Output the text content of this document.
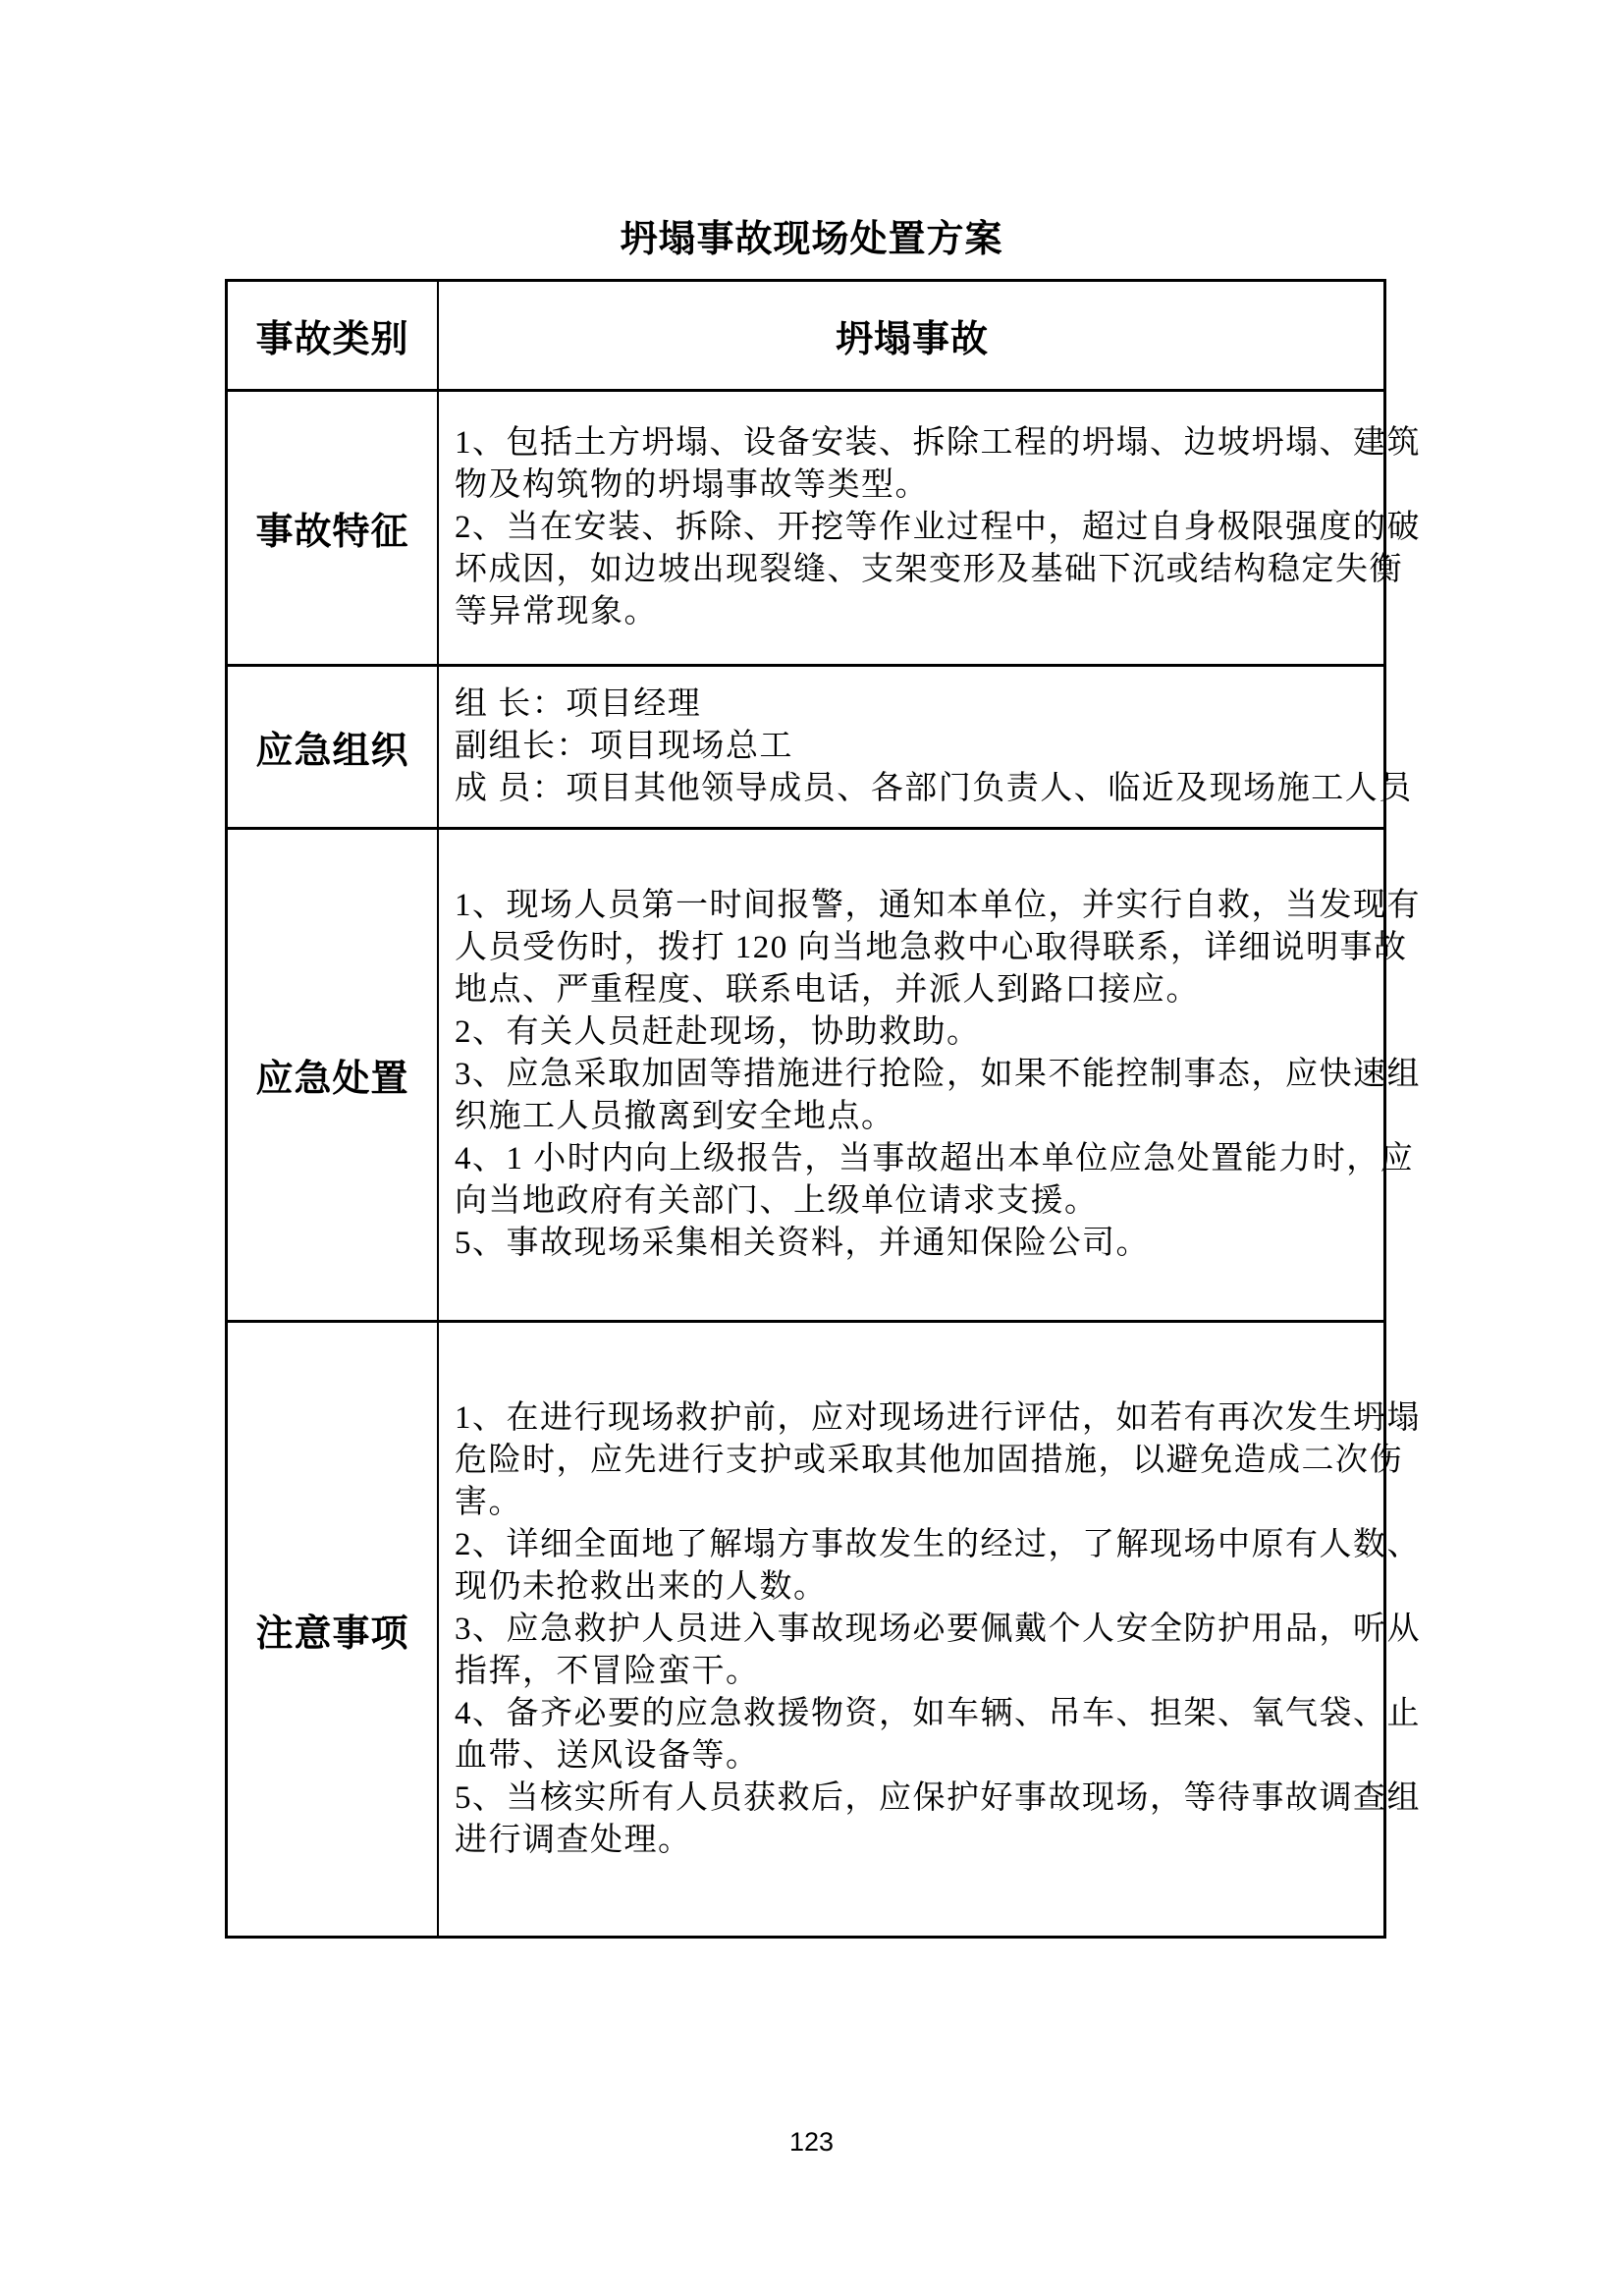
坍塌事故现场处置方案
事故类别	坍塌事故
事故特征
1、包括土方坍塌、设备安装、拆除工程的坍塌、边坡坍塌、建筑
物及构筑物的坍塌事故等类型。
2、当在安装、拆除、开挖等作业过程中，超过自身极限强度的破
坏成因，如边坡出现裂缝、支架变形及基础下沉或结构稳定失衡
等异常现象。
应急组织
组 长：项目经理
副组长：项目现场总工
成 员：项目其他领导成员、各部门负责人、临近及现场施工人员
应急处置
1、现场人员第一时间报警，通知本单位，并实行自救，当发现有
人员受伤时，拨打 120 向当地急救中心取得联系，详细说明事故
地点、严重程度、联系电话，并派人到路口接应。
2、有关人员赶赴现场，协助救助。
3、应急采取加固等措施进行抢险，如果不能控制事态，应快速组
织施工人员撤离到安全地点。
4、1 小时内向上级报告，当事故超出本单位应急处置能力时，应
向当地政府有关部门、上级单位请求支援。
5、事故现场采集相关资料，并通知保险公司。
注意事项
1、在进行现场救护前，应对现场进行评估，如若有再次发生坍塌
危险时，应先进行支护或采取其他加固措施，以避免造成二次伤
害。
2、详细全面地了解塌方事故发生的经过，了解现场中原有人数、
现仍未抢救出来的人数。
3、应急救护人员进入事故现场必要佩戴个人安全防护用品，听从
指挥，不冒险蛮干。
4、备齐必要的应急救援物资，如车辆、吊车、担架、氧气袋、止
血带、送风设备等。
5、当核实所有人员获救后，应保护好事故现场，等待事故调查组
进行调查处理。
123
